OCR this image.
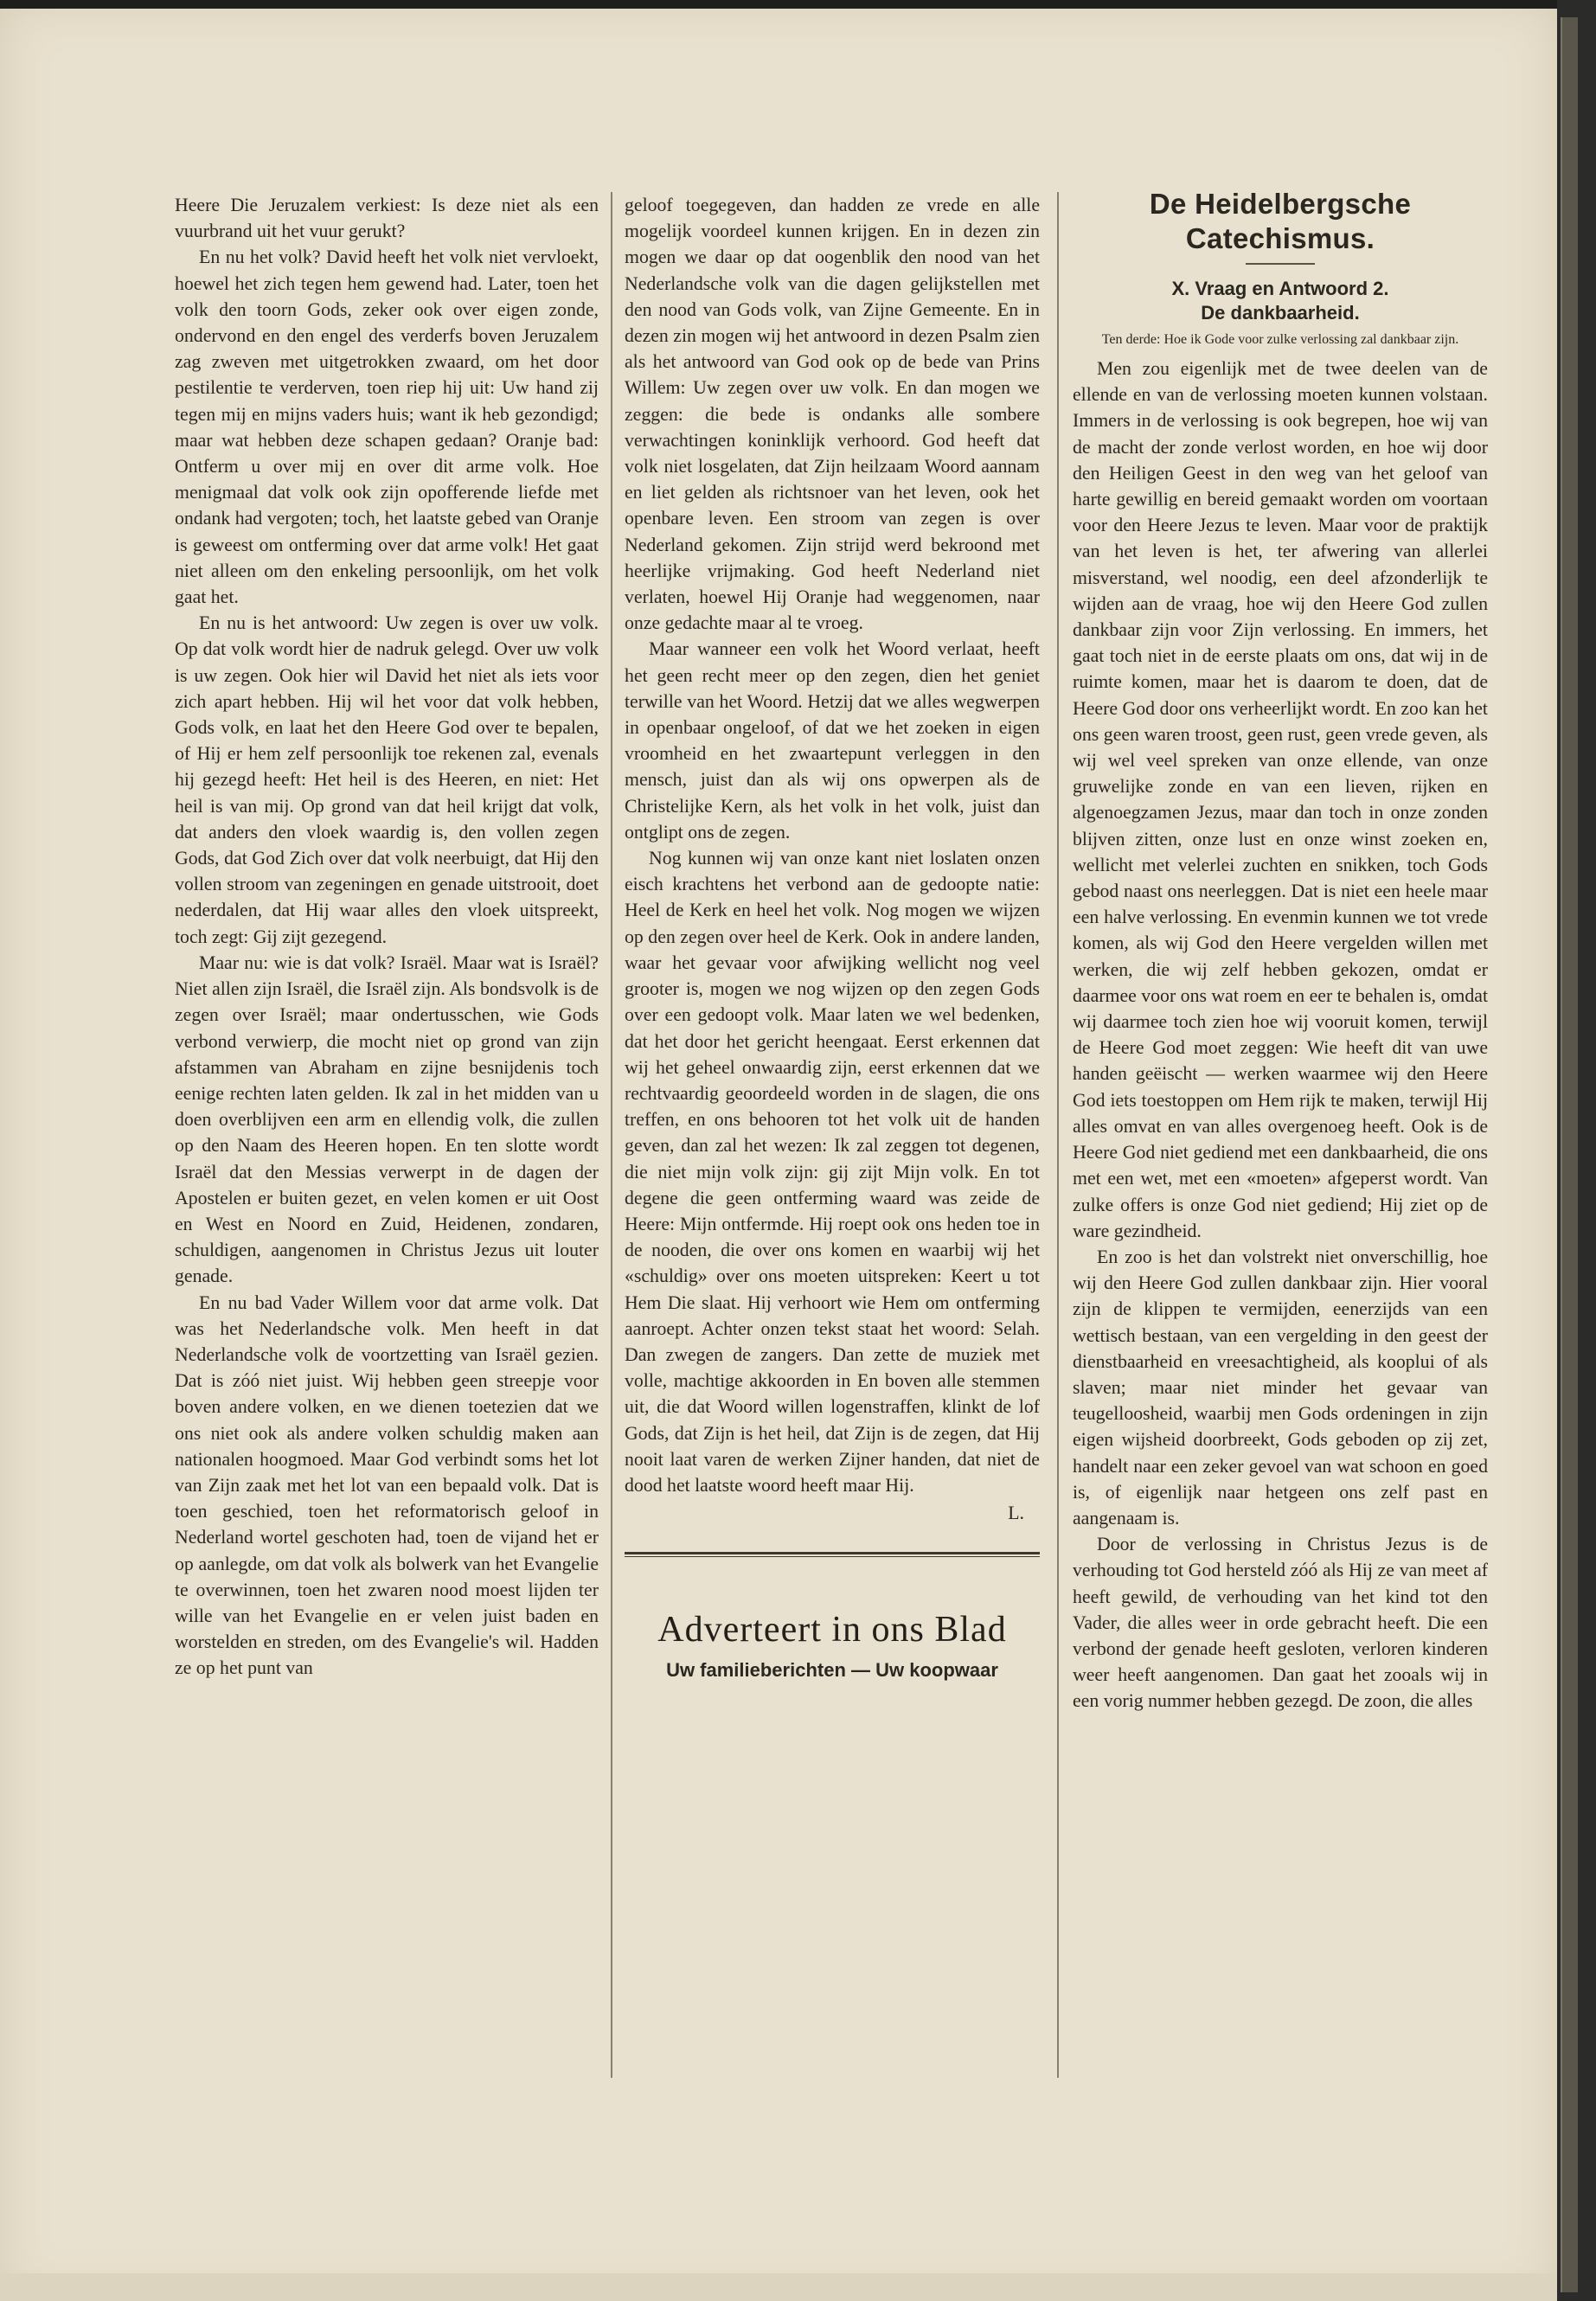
Heere Die Jeruzalem verkiest: Is deze niet als een vuurbrand uit het vuur gerukt?

En nu het volk? David heeft het volk niet vervloekt, hoewel het zich tegen hem gewend had. Later, toen het volk den toorn Gods, zeker ook over eigen zonde, ondervond en den engel des verderfs boven Jeruzalem zag zweven met uitgetrokken zwaard, om het door pestilentie te verderven, toen riep hij uit: Uw hand zij tegen mij en mijns vaders huis; want ik heb gezondigd; maar wat hebben deze schapen gedaan? Oranje bad: Ontferm u over mij en over dit arme volk. Hoe menigmaal dat volk ook zijn opofferende liefde met ondank had vergoten; toch, het laatste gebed van Oranje is geweest om ontferming over dat arme volk! Het gaat niet alleen om den enkeling persoonlijk, om het volk gaat het.

En nu is het antwoord: Uw zegen is over uw volk. Op dat volk wordt hier de nadruk gelegd. Over uw volk is uw zegen. Ook hier wil David het niet als iets voor zich apart hebben. Hij wil het voor dat volk hebben, Gods volk, en laat het den Heere God over te bepalen, of Hij er hem zelf persoonlijk toe rekenen zal, evenals hij gezegd heeft: Het heil is des Heeren, en niet: Het heil is van mij. Op grond van dat heil krijgt dat volk, dat anders den vloek waardig is, den vollen zegen Gods, dat God Zich over dat volk neerbuigt, dat Hij den vollen stroom van zegeningen en genade uitstrooit, doet nederdalen, dat Hij waar alles den vloek uitspreekt, toch zegt: Gij zijt gezegend.

Maar nu: wie is dat volk? Israël. Maar wat is Israël? Niet allen zijn Israël, die Israël zijn. Als bondsvolk is de zegen over Israël; maar ondertusschen, wie Gods verbond verwierp, die mocht niet op grond van zijn afstammen van Abraham en zijne besnijdenis toch eenige rechten laten gelden. Ik zal in het midden van u doen overblijven een arm en ellendig volk, die zullen op den Naam des Heeren hopen. En ten slotte wordt Israël dat den Messias verwerpt in de dagen der Apostelen er buiten gezet, en velen komen er uit Oost en West en Noord en Zuid, Heidenen, zondaren, schuldigen, aangenomen in Christus Jezus uit louter genade.

En nu bad Vader Willem voor dat arme volk. Dat was het Nederlandsche volk. Men heeft in dat Nederlandsche volk de voortzetting van Israël gezien. Dat is zóó niet juist. Wij hebben geen streepje voor boven andere volken, en we dienen toetezien dat we ons niet ook als andere volken schuldig maken aan nationalen hoogmoed. Maar God verbindt soms het lot van Zijn zaak met het lot van een bepaald volk. Dat is toen geschied, toen het reformatorisch geloof in Nederland wortel geschoten had, toen de vijand het er op aanlegde, om dat volk als bolwerk van het Evangelie te overwinnen, toen het zwaren nood moest lijden ter wille van het Evangelie en er velen juist baden en worstelden en streden, om des Evangelie's wil. Hadden ze op het punt van

geloof toegegeven, dan hadden ze vrede en alle mogelijk voordeel kunnen krijgen. En in dezen zin mogen we daar op dat oogenblik den nood van het Nederlandsche volk van die dagen gelijkstellen met den nood van Gods volk, van Zijne Gemeente. En in dezen zin mogen wij het antwoord in dezen Psalm zien als het antwoord van God ook op de bede van Prins Willem: Uw zegen over uw volk. En dan mogen we zeggen: die bede is ondanks alle sombere verwachtingen koninklijk verhoord. God heeft dat volk niet losgelaten, dat Zijn heilzaam Woord aannam en liet gelden als richtsnoer van het leven, ook het openbare leven. Een stroom van zegen is over Nederland gekomen. Zijn strijd werd bekroond met heerlijke vrijmaking. God heeft Nederland niet verlaten, hoewel Hij Oranje had weggenomen, naar onze gedachte maar al te vroeg.

Maar wanneer een volk het Woord verlaat, heeft het geen recht meer op den zegen, dien het geniet terwille van het Woord. Hetzij dat we alles wegwerpen in openbaar ongeloof, of dat we het zoeken in eigen vroomheid en het zwaartepunt verleggen in den mensch, juist dan als wij ons opwerpen als de Christelijke Kern, als het volk in het volk, juist dan ontglipt ons de zegen.

Nog kunnen wij van onze kant niet loslaten onzen eisch krachtens het verbond aan de gedoopte natie: Heel de Kerk en heel het volk. Nog mogen we wijzen op den zegen over heel de Kerk. Ook in andere landen, waar het gevaar voor afwijking wellicht nog veel grooter is, mogen we nog wijzen op den zegen Gods over een gedoopt volk. Maar laten we wel bedenken, dat het door het gericht heengaat. Eerst erkennen dat wij het geheel onwaardig zijn, eerst erkennen dat we rechtvaardig geoordeeld worden in de slagen, die ons treffen, en ons behooren tot het volk uit de handen geven, dan zal het wezen: Ik zal zeggen tot degenen, die niet mijn volk zijn: gij zijt Mijn volk. En tot degene die geen ontferming waard was zeide de Heere: Mijn ontfermde. Hij roept ook ons heden toe in de nooden, die over ons komen en waarbij wij het «schuldig» over ons moeten uitspreken: Keert u tot Hem Die slaat. Hij verhoort wie Hem om ontferming aanroept. Achter onzen tekst staat het woord: Selah. Dan zwegen de zangers. Dan zette de muziek met volle, machtige akkoorden in En boven alle stemmen uit, die dat Woord willen logenstraffen, klinkt de lof Gods, dat Zijn is het heil, dat Zijn is de zegen, dat Hij nooit laat varen de werken Zijner handen, dat niet de dood het laatste woord heeft maar Hij.

L.
Adverteert in ons Blad
Uw familieberichten — Uw koopwaar
De Heidelbergsche Catechismus.
X. Vraag en Antwoord 2.
De dankbaarheid.
Ten derde: Hoe ik Gode voor zulke verlossing zal dankbaar zijn.

Men zou eigenlijk met de twee deelen van de ellende en van de verlossing moeten kunnen volstaan. Immers in de verlossing is ook begrepen, hoe wij van de macht der zonde verlost worden, en hoe wij door den Heiligen Geest in den weg van het geloof van harte gewillig en bereid gemaakt worden om voortaan voor den Heere Jezus te leven. Maar voor de praktijk van het leven is het, ter afwering van allerlei misverstand, wel noodig, een deel afzonderlijk te wijden aan de vraag, hoe wij den Heere God zullen dankbaar zijn voor Zijn verlossing. En immers, het gaat toch niet in de eerste plaats om ons, dat wij in de ruimte komen, maar het is daarom te doen, dat de Heere God door ons verheerlijkt wordt. En zoo kan het ons geen waren troost, geen rust, geen vrede geven, als wij wel veel spreken van onze ellende, van onze gruwelijke zonde en van een lieven, rijken en algenoegzamen Jezus, maar dan toch in onze zonden blijven zitten, onze lust en onze winst zoeken en, wellicht met velerlei zuchten en snikken, toch Gods gebod naast ons neerleggen. Dat is niet een heele maar een halve verlossing. En evenmin kunnen we tot vrede komen, als wij God den Heere vergelden willen met werken, die wij zelf hebben gekozen, omdat er daarmee voor ons wat roem en eer te behalen is, omdat wij daarmee toch zien hoe wij vooruit komen, terwijl de Heere God moet zeggen: Wie heeft dit van uwe handen geëischt — werken waarmee wij den Heere God iets toestoppen om Hem rijk te maken, terwijl Hij alles omvat en van alles overgenoeg heeft. Ook is de Heere God niet gediend met een dankbaarheid, die ons met een wet, met een «moeten» afgeperst wordt. Van zulke offers is onze God niet gediend; Hij ziet op de ware gezindheid.

En zoo is het dan volstrekt niet onverschillig, hoe wij den Heere God zullen dankbaar zijn. Hier vooral zijn de klippen te vermijden, eenerzijds van een wettisch bestaan, van een vergelding in den geest der dienstbaarheid en vreesachtigheid, als kooplui of als slaven; maar niet minder het gevaar van teugelloosheid, waarbij men Gods ordeningen in zijn eigen wijsheid doorbreekt, Gods geboden op zij zet, handelt naar een zeker gevoel van wat schoon en goed is, of eigenlijk naar hetgeen ons zelf past en aangenaam is.

Door de verlossing in Christus Jezus is de verhouding tot God hersteld zóó als Hij ze van meet af heeft gewild, de verhouding van het kind tot den Vader, die alles weer in orde gebracht heeft. Die een verbond der genade heeft gesloten, verloren kinderen weer heeft aangenomen. Dan gaat het zooals wij in een vorig nummer hebben gezegd. De zoon, die alles
